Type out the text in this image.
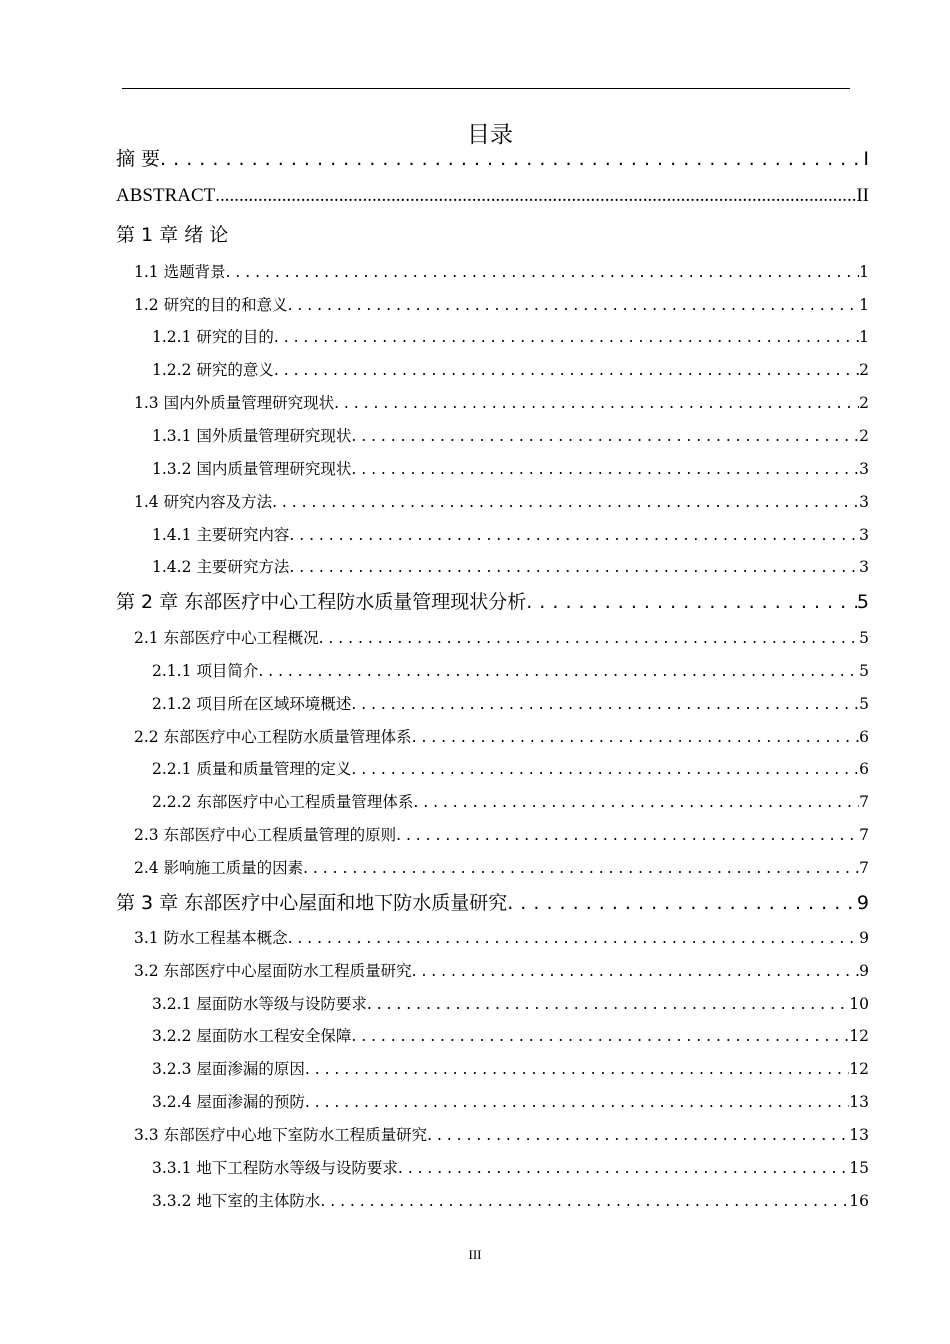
目录
摘 要 . . .	I
ABSTRACT .....	II
第 1 章 绪 论
1.1 选题背景 . . .	1
1.2 研究的目的和意义 . . .	1
1.2.1 研究的目的 . . .	1
1.2.2 研究的意义 . . .	2
1.3 国内外质量管理研究现状 . . .	2
1.3.1 国外质量管理研究现状 . . .	2
1.3.2 国内质量管理研究现状 . . .	3
1.4 研究内容及方法 . . .	3
1.4.1 主要研究内容 . . .	3
1.4.2 主要研究方法 . . .	3
第 2 章 东部医疗中心工程防水质量管理现状分析 . . .	5
2.1 东部医疗中心工程概况 . . .	5
2.1.1 项目简介 . . .	5
2.1.2 项目所在区域环境概述 . . .	5
2.2 东部医疗中心工程防水质量管理体系 . . .	6
2.2.1 质量和质量管理的定义 . . .	6
2.2.2 东部医疗中心工程质量管理体系 . . .	7
2.3 东部医疗中心工程质量管理的原则 . . .	7
2.4 影响施工质量的因素 . . .	7
第 3 章 东部医疗中心屋面和地下防水质量研究 . . .	9
3.1 防水工程基本概念 . . .	9
3.2 东部医疗中心屋面防水工程质量研究 . . .	9
3.2.1 屋面防水等级与设防要求 . . .	10
3.2.2 屋面防水工程安全保障 . . .	12
3.2.3 屋面渗漏的原因 . . .	12
3.2.4 屋面渗漏的预防 . . .	13
3.3 东部医疗中心地下室防水工程质量研究 . . .	13
3.3.1 地下工程防水等级与设防要求 . . .	15
3.3.2 地下室的主体防水 . . .	16
III
